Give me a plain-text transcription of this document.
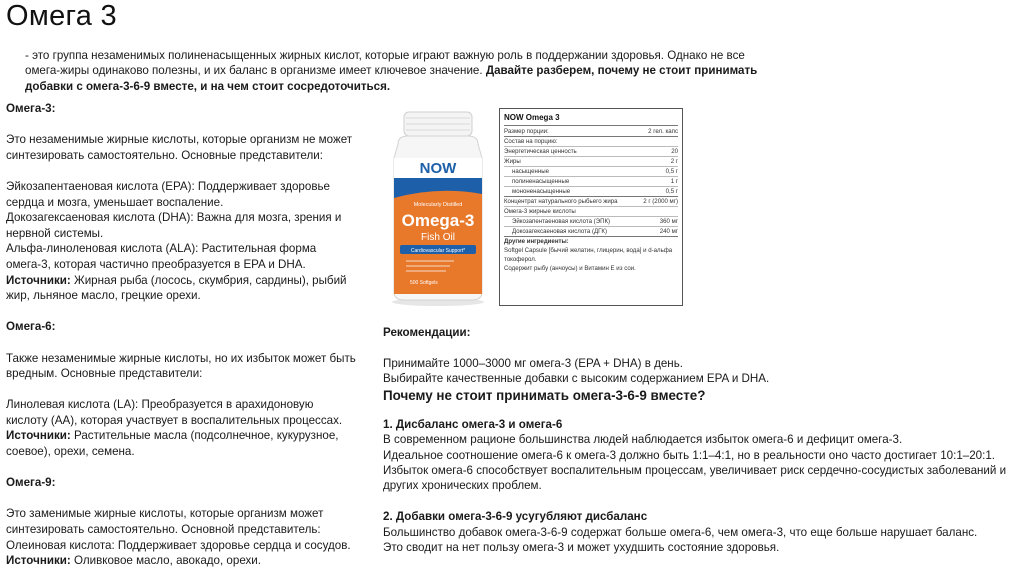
Омега 3
- это группа незаменимых полиненасыщенных жирных кислот, которые играют важную роль в поддержании здоровья. Однако не все омега-жиры одинаково полезны, и их баланс в организме имеет ключевое значение. Давайте разберем, почему не стоит принимать добавки с омега-3-6-9 вместе, и на чем стоит сосредоточиться.

Омега-3:

Это незаменимые жирные кислоты, которые организм не может синтезировать самостоятельно. Основные представители:

Эйкозапентаеновая кислота (EPA): Поддерживает здоровье сердца и мозга, уменьшает воспаление.

Докозагексаеновая кислота (DHA): Важна для мозга, зрения и нервной системы.

Альфа-линоленовая кислота (ALA): Растительная форма омега-3, которая частично преобразуется в EPA и DHA.

Источники: Жирная рыба (лосось, скумбрия, сардины), рыбий жир, льняное масло, грецкие орехи.

Омега-6:

Также незаменимые жирные кислоты, но их избыток может быть вредным. Основные представители:

Линолевая кислота (LA): Преобразуется в арахидоновую кислоту (AA), которая участвует в воспалительных процессах.

Источники: Растительные масла (подсолнечное, кукурузное, соевое), орехи, семена.

Омега-9:

Это заменимые жирные кислоты, которые организм может синтезировать самостоятельно. Основной представитель:

Олеиновая кислота: Поддерживает здоровье сердца и сосудов.

Источники: Оливковое масло, авокадо, орехи.

NOW
Molecularly Distilled
Omega-3
Fish Oil
Cardiovascular Support*
500 Softgels
NOW Omega 3
Размер порции:	2 гел. капс
Состав на порцию:
Энергетическая ценность	20
Жиры	2 г
насыщенные	0,5 г
полиненасыщенные	1 г
мононенасыщенные	0,5 г
Концентрат натурального рыбьего жира	2 г (2000 мг)
Омега-3 жирные кислоты
Эйкозапентаеновая кислота (ЭПК)	360 мг
Докозагексаеновая кислота (ДГК)	240 мг
Другие ингредиенты:
Softgel Capsule [бычий желатин, глицерин, вода] и d-альфа токоферол.
Содержит рыбу (анчоусы) и Витамин Е из сои.

Рекомендации:

Принимайте 1000–3000 мг омега-3 (EPA + DHA) в день.

Выбирайте качественные добавки с высоким содержанием EPA и DHA.

Почему не стоит принимать омега-3-6-9 вместе?

1. Дисбаланс омега-3 и омега-6

В современном рационе большинства людей наблюдается избыток омега-6 и дефицит омега-3.

Идеальное соотношение омега-6 к омега-3 должно быть 1:1–4:1, но в реальности оно часто достигает 10:1–20:1.

Избыток омега-6 способствует воспалительным процессам, увеличивает риск сердечно-сосудистых заболеваний и других хронических проблем.

2. Добавки омега-3-6-9 усугубляют дисбаланс

Большинство добавок омега-3-6-9 содержат больше омега-6, чем омега-3, что еще больше нарушает баланс.

Это сводит на нет пользу омега-3 и может ухудшить состояние здоровья.
